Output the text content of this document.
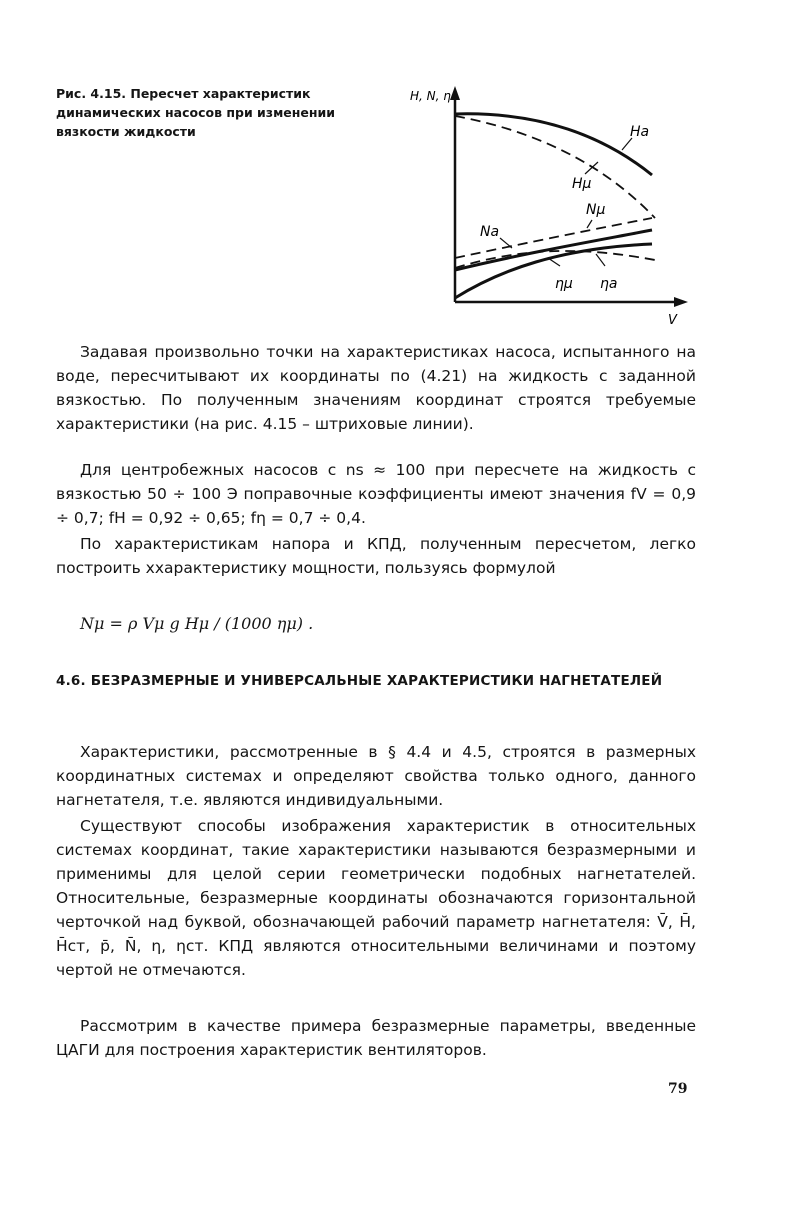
Рис. 4.15. Пересчет характеристик динамических насосов при изменении вязкости жидкости
H, N, η
V
Ha
Hμ
Nμ
Na
ημ ηa

Задавая произвольно точки на характеристиках насоса, испытанного на воде, пересчитывают их координаты по (4.21) на жидкость с заданной вязкостью. По полученным значениям координат строятся требуемые характеристики (на рис. 4.15 – штриховые линии).

Для центробежных насосов с ns ≈ 100 при пересчете на жидкость с вязкостью 50 ÷ 100 Э поправочные коэффициенты имеют значения fV = 0,9 ÷ 0,7; fH = 0,92 ÷ 0,65; fη = 0,7 ÷ 0,4.

По характеристикам напора и КПД, полученным пересчетом, легко построить ххарактеристику мощности, пользуясь формулой

Nμ = ρ Vμ g Hμ / (1000 ημ) .
4.6. БЕЗРАЗМЕРНЫЕ И УНИВЕРСАЛЬНЫЕ ХАРАКТЕРИСТИКИ НАГНЕТАТЕЛЕЙ

Характеристики, рассмотренные в § 4.4 и 4.5, строятся в размерных координатных системах и определяют свойства только одного, данного нагнетателя, т.е. являются индивидуальными.

Существуют способы изображения характеристик в относительных системах координат, такие характеристики называются безразмерными и применимы для целой серии геометрически подобных нагнетателей. Относительные, безразмерные координаты обозначаются горизонтальной черточкой над буквой, обозначающей рабочий параметр нагнетателя: V̄, H̄, H̄ст, p̄, N̄, η, ηст. КПД являются относительными величинами и поэтому чертой не отмечаются.

Рассмотрим в качестве примера безразмерные параметры, введенные ЦАГИ для построения характеристик вентиляторов.

79
